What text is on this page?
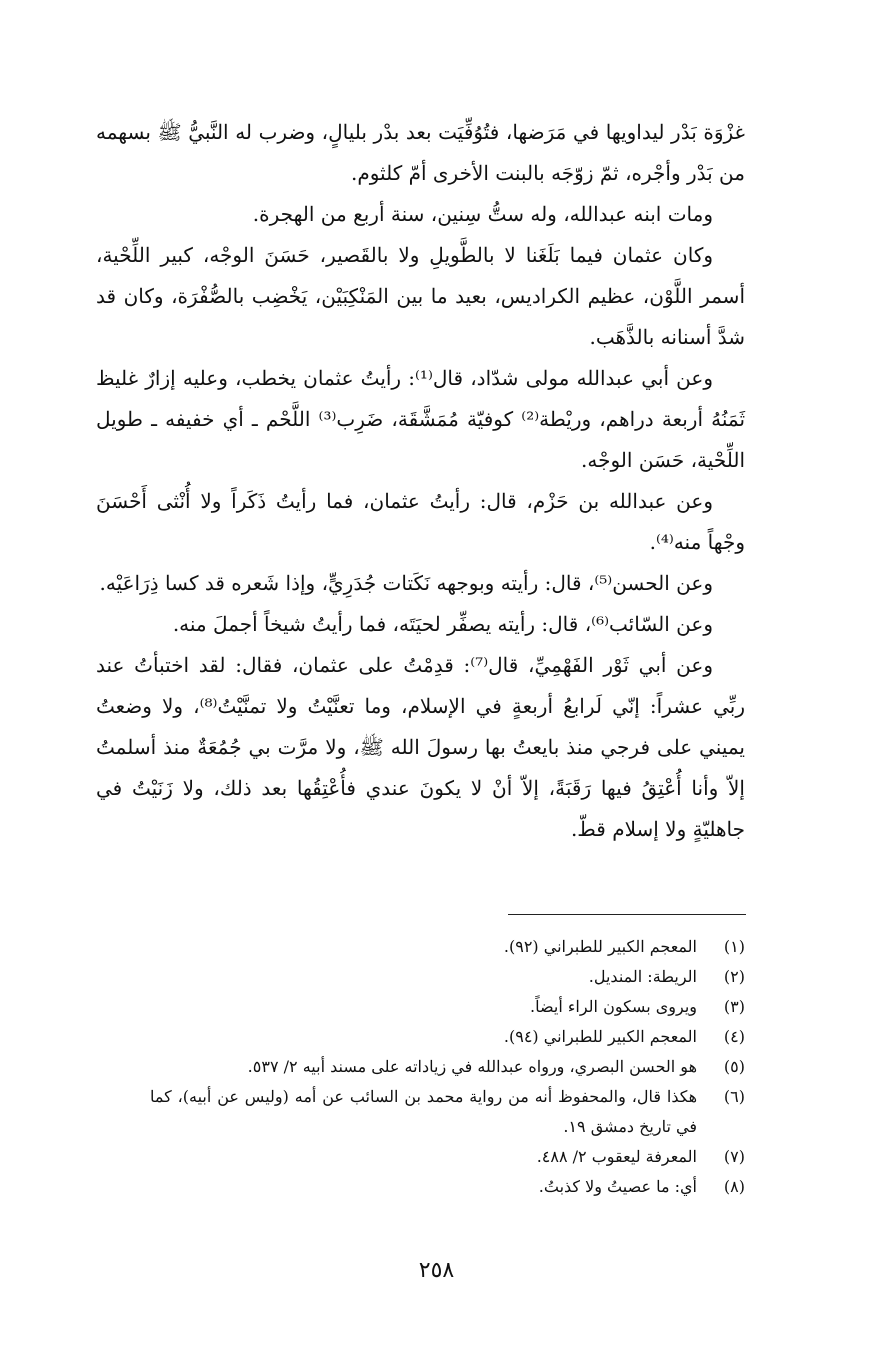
غزْوَة بَدْر ليداويها في مَرَضها، فتُوُفِّيَت بعد بدْر بليالٍ، وضرب له النَّبيُّ ﷺ بسهمه من بَدْر وأجْره، ثمّ زوّجَه بالبنت الأخرى أمّ كلثوم.

ومات ابنه عبدالله، وله ستُّ سِنين، سنة أربع من الهجرة.

وكان عثمان فيما بَلَغَنا لا بالطَّويلِ ولا بالقَصير، حَسَنَ الوجْه، كبير اللِّحْية، أسمر اللَّوْن، عظيم الكراديس، بعيد ما بين المَنْكِبَيْن، يَخْضِب بالصُّفْرَة، وكان قد شدَّ أسنانه بالذَّهَب.

وعن أبي عبدالله مولى شدّاد، قال⁽¹⁾: رأيتُ عثمان يخطب، وعليه إزارٌ غليظ ثَمَنُهُ أربعة دراهم، وريْطة⁽²⁾ كوفيّة مُمَشَّقَة، ضَرِب⁽³⁾ اللَّحْم ـ أي خفيفه ـ طويل اللِّحْية، حَسَن الوجْه.

وعن عبدالله بن حَزْم، قال: رأيتُ عثمان، فما رأيتُ ذَكَراً ولا أُنْثى أَحْسَنَ وجْهاً منه⁽⁴⁾.

وعن الحسن⁽⁵⁾، قال: رأيته وبوجهه نَكَتات جُدَرِيٍّ، وإذا شَعره قد كسا ذِرَاعَيْه.

وعن السّائب⁽⁶⁾، قال: رأيته يصفِّر لحيَتَه، فما رأيتُ شيخاً أجملَ منه.

وعن أبي ثَوْر الفَهْمِيِّ، قال⁽⁷⁾: قدِمْتُ على عثمان، فقال: لقد اختبأتُ عند ربِّي عشراً: إنّي لَرابعُ أربعةٍ في الإسلام، وما تعنَّيْتُ ولا تمنَّيْتُ⁽⁸⁾، ولا وضعتُ يميني على فرجي منذ بايعتُ بها رسولَ الله ﷺ، ولا مرَّت بي جُمُعَةٌ منذ أسلمتُ إلاّ وأنا أُعْتِقُ فيها رَقَبَةً، إلاّ أنْ لا يكونَ عندي فأُعْتِقُها بعد ذلك، ولا زَنَيْتُ في جاهليّةٍ ولا إسلام قطّ.

(١)
المعجم الكبير للطبراني (٩٢).
(٢)
الريطة: المنديل.
(٣)
ويروى بسكون الراء أيضاً.
(٤)
المعجم الكبير للطبراني (٩٤).
(٥)
هو الحسن البصري، ورواه عبدالله في زياداته على مسند أبيه ٢/ ٥٣٧.
(٦)
هكذا قال، والمحفوظ أنه من رواية محمد بن السائب عن أمه (وليس عن أبيه)، كما في تاريخ دمشق ١٩.
(٧)
المعرفة ليعقوب ٢/ ٤٨٨.
(٨)
أي: ما عصيتُ ولا كذبتُ.
٢٥٨
